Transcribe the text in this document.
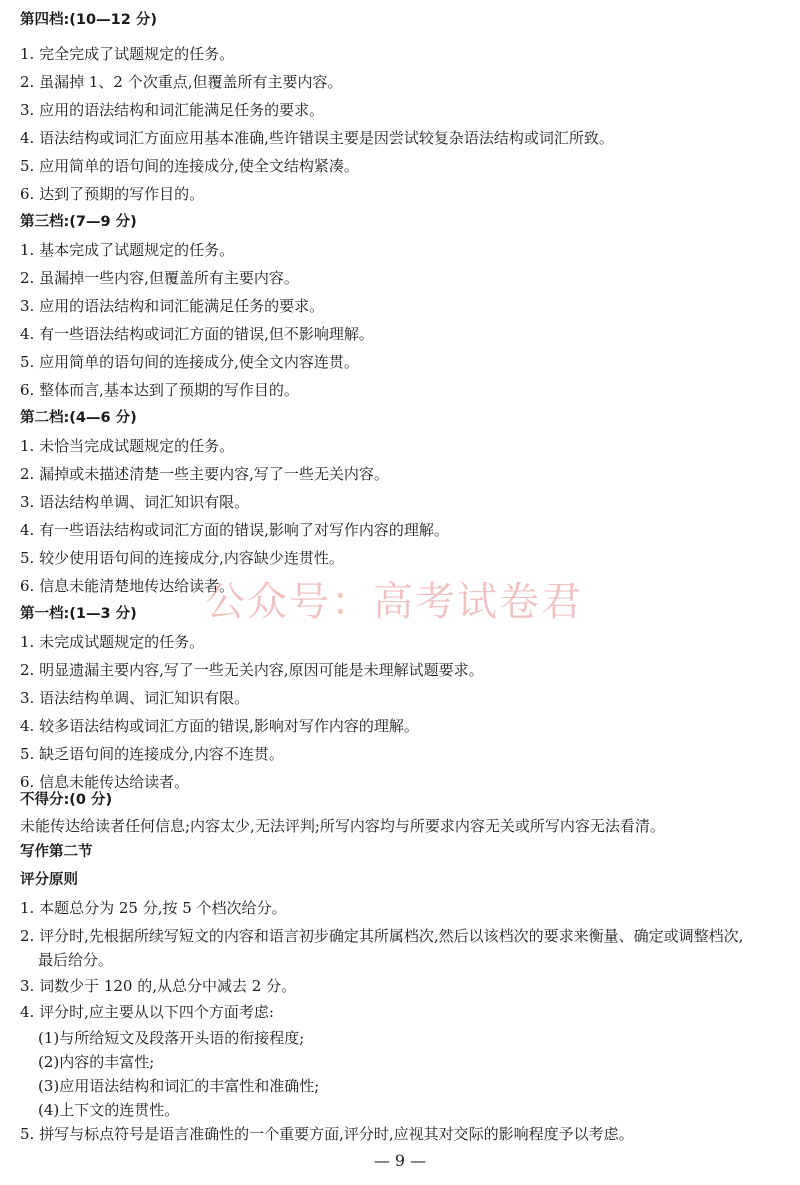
第四档:(10—12 分)
1. 完全完成了试题规定的任务。
2. 虽漏掉 1、2 个次重点,但覆盖所有主要内容。
3. 应用的语法结构和词汇能满足任务的要求。
4. 语法结构或词汇方面应用基本准确,些许错误主要是因尝试较复杂语法结构或词汇所致。
5. 应用简单的语句间的连接成分,使全文结构紧凑。
6. 达到了预期的写作目的。
第三档:(7—9 分)
1. 基本完成了试题规定的任务。
2. 虽漏掉一些内容,但覆盖所有主要内容。
3. 应用的语法结构和词汇能满足任务的要求。
4. 有一些语法结构或词汇方面的错误,但不影响理解。
5. 应用简单的语句间的连接成分,使全文内容连贯。
6. 整体而言,基本达到了预期的写作目的。
第二档:(4—6 分)
1. 未恰当完成试题规定的任务。
2. 漏掉或未描述清楚一些主要内容,写了一些无关内容。
3. 语法结构单调、词汇知识有限。
4. 有一些语法结构或词汇方面的错误,影响了对写作内容的理解。
5. 较少使用语句间的连接成分,内容缺少连贯性。
6. 信息未能清楚地传达给读者。
第一档:(1—3 分)
1. 未完成试题规定的任务。
2. 明显遗漏主要内容,写了一些无关内容,原因可能是未理解试题要求。
3. 语法结构单调、词汇知识有限。
4. 较多语法结构或词汇方面的错误,影响对写作内容的理解。
5. 缺乏语句间的连接成分,内容不连贯。
6. 信息未能传达给读者。
不得分:(0 分)
未能传达给读者任何信息;内容太少,无法评判;所写内容均与所要求内容无关或所写内容无法看清。
写作第二节
评分原则
1. 本题总分为 25 分,按 5 个档次给分。
2. 评分时,先根据所续写短文的内容和语言初步确定其所属档次,然后以该档次的要求来衡量、确定或调整档次,
最后给分。
3. 词数少于 120 的,从总分中减去 2 分。
4. 评分时,应主要从以下四个方面考虑:
(1)与所给短文及段落开头语的衔接程度;
(2)内容的丰富性;
(3)应用语法结构和词汇的丰富性和准确性;
(4)上下文的连贯性。
公众号：高考试卷君
— 9 —
5. 拼写与标点符号是语言准确性的一个重要方面,评分时,应视其对交际的影响程度予以考虑。
